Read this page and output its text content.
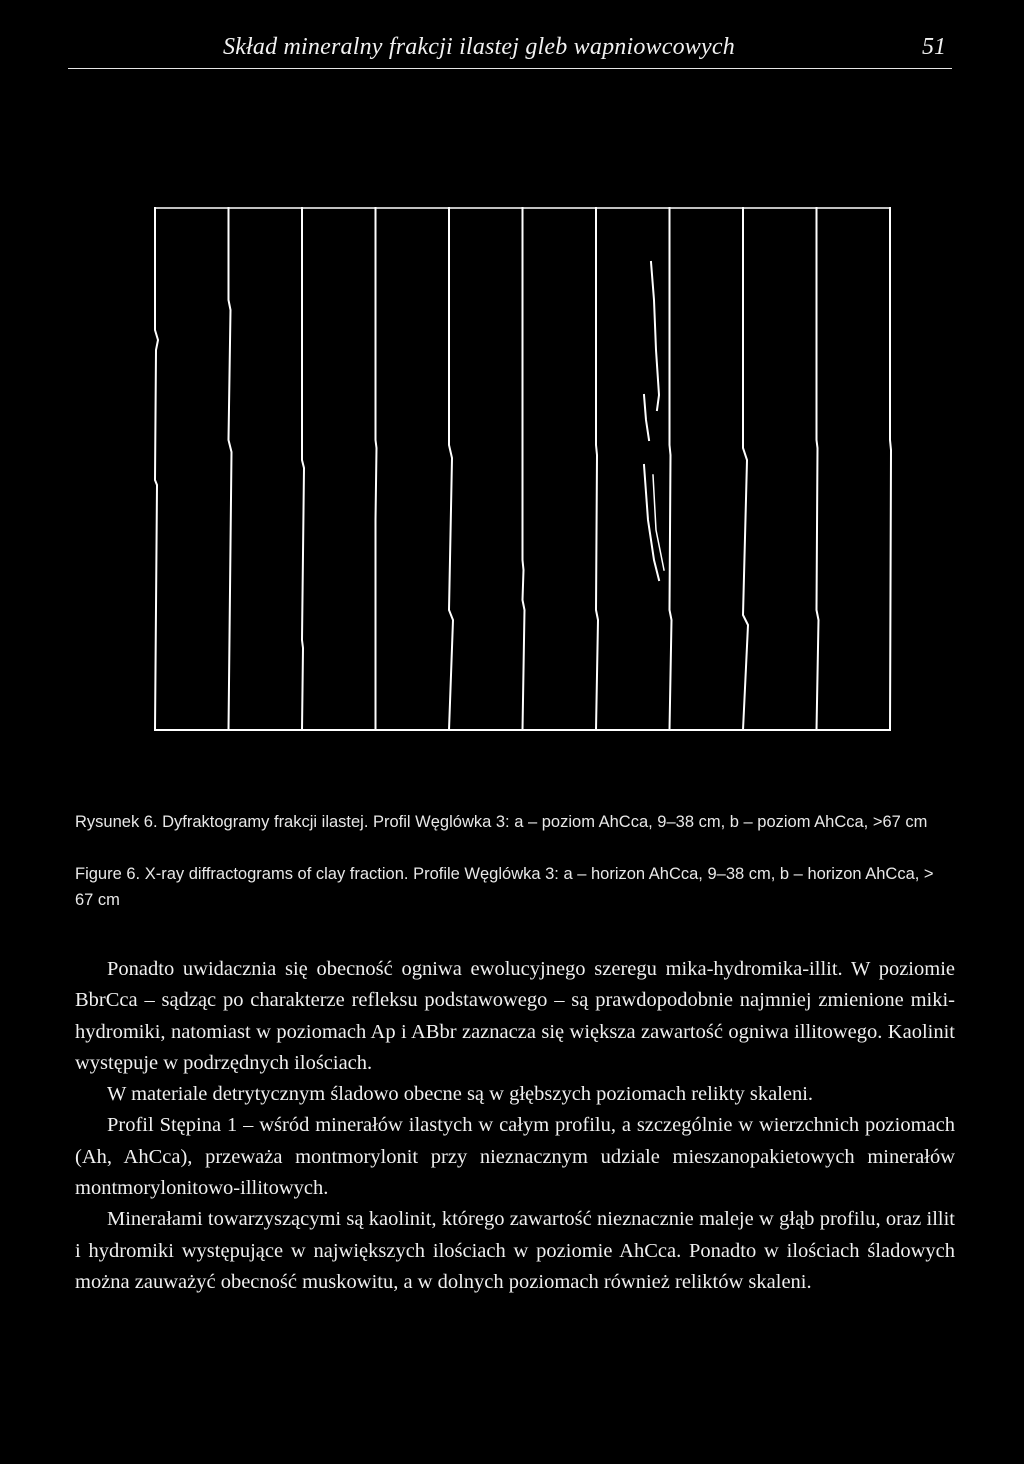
Skład mineralny frakcji ilastej gleb wapniowcowych	51
Rysunek 6. Dyfraktogramy frakcji ilastej. Profil Węglówka 3: a – poziom AhCca, 9–38 cm, b – poziom AhCca, >67 cm
Figure 6. X-ray diffractograms of clay fraction. Profile Węglówka 3: a – horizon AhCca, 9–38 cm, b – horizon AhCca, > 67 cm

Ponadto uwidacznia się obecność ogniwa ewolucyjnego szeregu mika-hydromika-illit. W poziomie BbrCca – sądząc po charakterze refleksu podstawowego – są prawdopodobnie najmniej zmienione miki-hydromiki, natomiast w poziomach Ap i ABbr zaznacza się większa zawartość ogniwa illitowego. Kaolinit występuje w podrzędnych ilościach.

W materiale detrytycznym śladowo obecne są w głębszych poziomach relikty skaleni.

Profil Stępina 1 – wśród minerałów ilastych w całym profilu, a szczególnie w wierzchnich poziomach (Ah, AhCca), przeważa montmorylonit przy nieznacznym udziale mieszanopakietowych minerałów montmorylonitowo-illitowych.

Minerałami towarzyszącymi są kaolinit, którego zawartość nieznacznie maleje w głąb profilu, oraz illit i hydromiki występujące w największych ilościach w poziomie AhCca. Ponadto w ilościach śladowych można zauważyć obecność muskowitu, a w dolnych poziomach również reliktów skaleni.
